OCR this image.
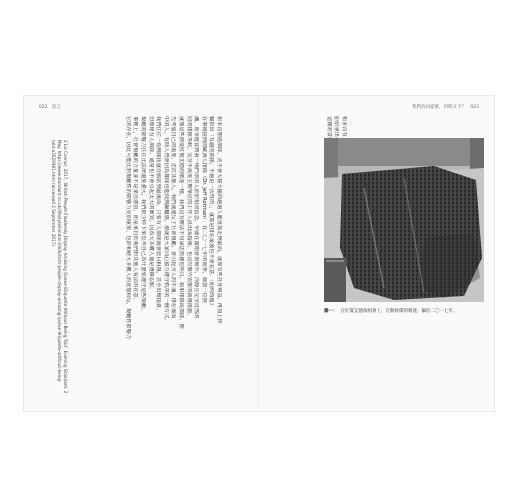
022 前言
根本沒想過插隊，更不會大搖大擺的越過人龍直接走到前面，就算有些自身利益，再加上挨
個掛出「有趣的插隊，不過是一次性的」，就算是排在最後也不會在意。《紐約時報》
在事後提到的歐洲人排隊（Dr. Jeff Rotman）：在二〇一七年的夏季，倫敦一位熱
潮，而幸運買到第一場門票的人紛紛拍照留念，早就在演唱會現場外，冷靜且完全自然的
照的排隊等候，完全不需要主辦單位的工作人員出面指揮，也沒有額外安排的疏導措施。
就像這些熱愛紅髮艾德的歌迷一樣，我們沒有辦法不用深思熟慮也明白，如果排隊或插隊，便
先考量自己的需要，忠於其他人，我們就違反了社會規範，會引起旁人的不滿，排在後面
中的人，有時人們會因為排隊也能找到歸屬感，那就是大家同心協力遵守秩序的一種方式。
我們往往一看到隊伍就自動站到最後面，只要有人插隊就會怒目相視，甚至出聲指責。
但即使有人插隊，通常也不會引起太大的衝突，因為大多數人還是選擇忍耐。
規範的影響力往往比法律還要強大，我們很少停下來思考自己為什麼要遵守這些規範。
事實上，社會規範的力量並不是來自懲罰，而是來自於我們對其他人看法的在意。
它的存在，因此可能比對規範性的影響力更加重要，也許和絕大多數人的直覺相反，規範性影響力
2 Liz Connor, 2017, 'British People Flawlessly Display Amazing Queue Etiquette Without Being Told', Evening Standard, 2
May. https://www.standard.co.uk/lifestyle/london-life/british-people-display-amazing-queue-etiquette-without-being-
told-a3529381.html (accessed 2 September 2017).
我們為何從眾，何時又不？ 023
圖一： 在紅髮艾德演唱會上，自動排隊的歌迷，攝於二〇一七年。
